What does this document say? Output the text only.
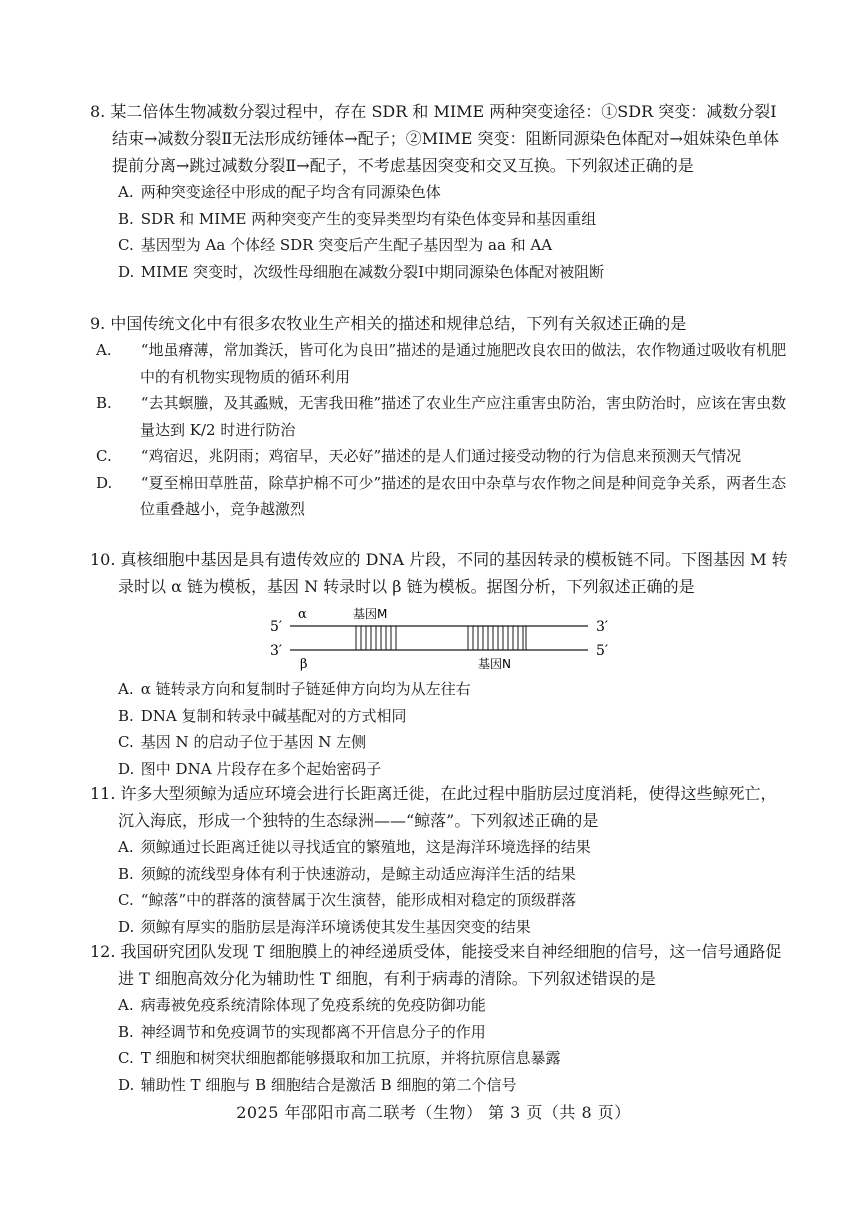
8. 某二倍体生物减数分裂过程中，存在 SDR 和 MIME 两种突变途径：①SDR 突变：减数分裂Ⅰ结束→减数分裂Ⅱ无法形成纺锤体→配子；②MIME 突变：阻断同源染色体配对→姐妹染色单体提前分离→跳过减数分裂Ⅱ→配子，不考虑基因突变和交叉互换。下列叙述正确的是
A. 两种突变途径中形成的配子均含有同源染色体
B. SDR 和 MIME 两种突变产生的变异类型均有染色体变异和基因重组
C. 基因型为 Aa 个体经 SDR 突变后产生配子基因型为 aa 和 AA
D. MIME 突变时，次级性母细胞在减数分裂Ⅰ中期同源染色体配对被阻断
9. 中国传统文化中有很多农牧业生产相关的描述和规律总结，下列有关叙述正确的是
A. “地虽瘠薄，常加粪沃，皆可化为良田”描述的是通过施肥改良农田的做法，农作物通过吸收有机肥中的有机物实现物质的循环利用
B. “去其螟螣，及其蟊贼，无害我田稚”描述了农业生产应注重害虫防治，害虫防治时，应该在害虫数量达到 K/2 时进行防治
C. “鸡宿迟，兆阴雨；鸡宿早，天必好”描述的是人们通过接受动物的行为信息来预测天气情况
D. “夏至棉田草胜苗，除草护棉不可少”描述的是农田中杂草与农作物之间是种间竞争关系，两者生态位重叠越小，竞争越激烈
10. 真核细胞中基因是具有遗传效应的 DNA 片段，不同的基因转录的模板链不同。下图基因 M 转录时以 α 链为模板，基因 N 转录时以 β 链为模板。据图分析，下列叙述正确的是
5′	3′
3′	5′
α
β
基因M
基因N
A. α 链转录方向和复制时子链延伸方向均为从左往右
B. DNA 复制和转录中碱基配对的方式相同
C. 基因 N 的启动子位于基因 N 左侧
D. 图中 DNA 片段存在多个起始密码子
11. 许多大型须鲸为适应环境会进行长距离迁徙，在此过程中脂肪层过度消耗，使得这些鲸死亡，沉入海底，形成一个独特的生态绿洲——“鲸落”。下列叙述正确的是
A. 须鲸通过长距离迁徙以寻找适宜的繁殖地，这是海洋环境选择的结果
B. 须鲸的流线型身体有利于快速游动，是鲸主动适应海洋生活的结果
C. “鲸落”中的群落的演替属于次生演替，能形成相对稳定的顶级群落
D. 须鲸有厚实的脂肪层是海洋环境诱使其发生基因突变的结果
12. 我国研究团队发现 T 细胞膜上的神经递质受体，能接受来自神经细胞的信号，这一信号通路促进 T 细胞高效分化为辅助性 T 细胞，有利于病毒的清除。下列叙述错误的是
A. 病毒被免疫系统清除体现了免疫系统的免疫防御功能
B. 神经调节和免疫调节的实现都离不开信息分子的作用
C. T 细胞和树突状细胞都能够摄取和加工抗原，并将抗原信息暴露
D. 辅助性 T 细胞与 B 细胞结合是激活 B 细胞的第二个信号
2025 年邵阳市高二联考（生物） 第 3 页（共 8 页）
